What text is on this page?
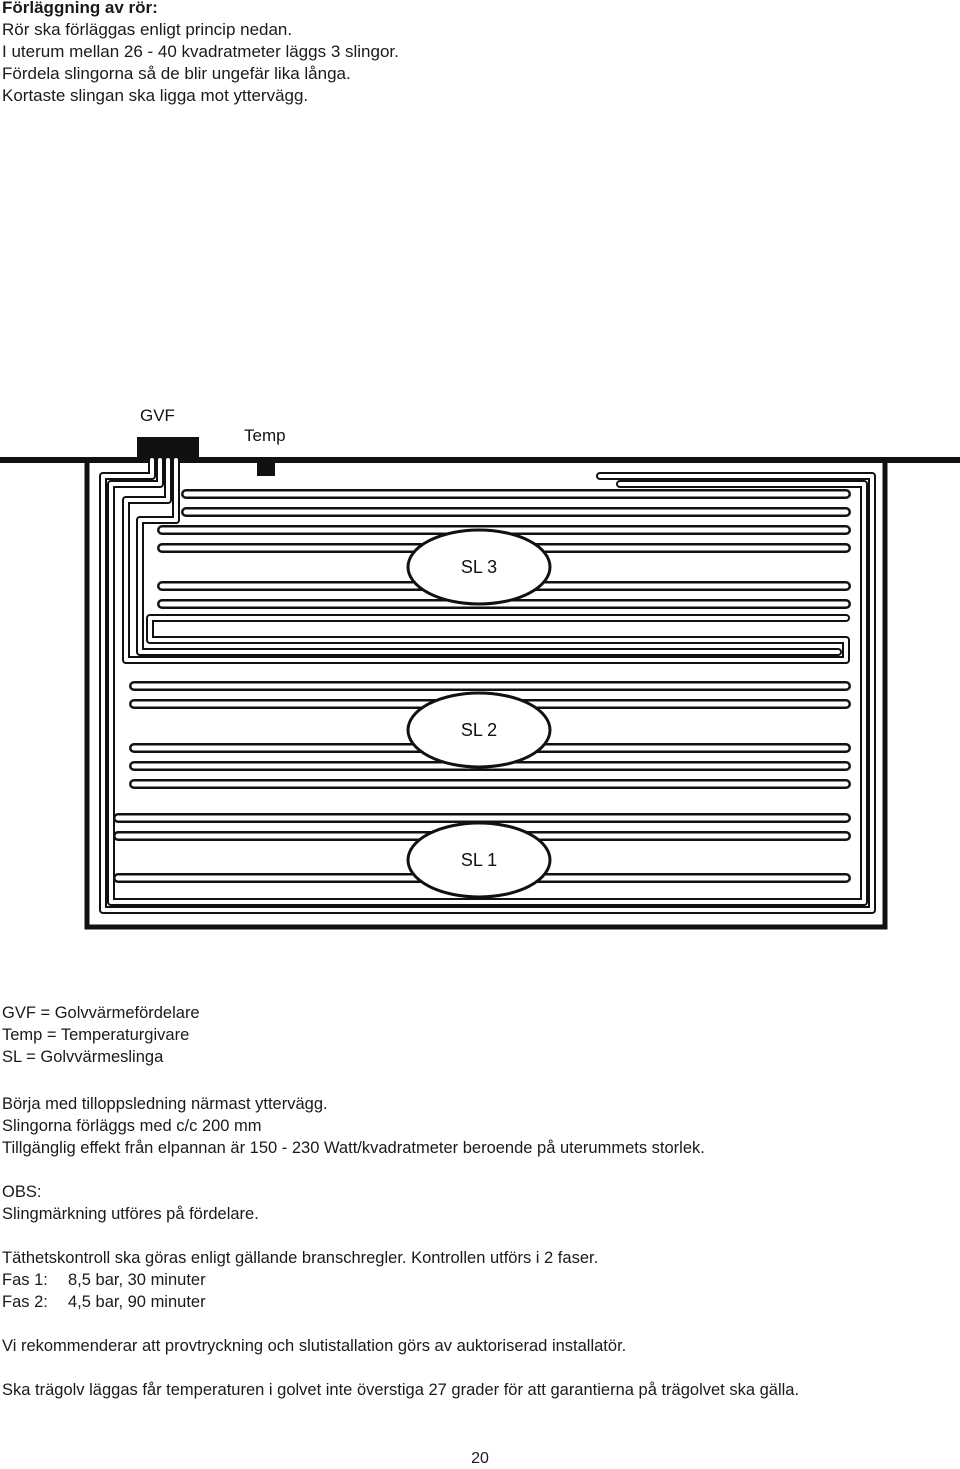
Förläggning av rör:
Rör ska förläggas enligt princip nedan.
I uterum mellan 26 - 40 kvadratmeter läggs 3 slingor.
Fördela slingorna så de blir ungefär lika långa.
Kortaste slingan ska ligga mot yttervägg.
GVF
Temp
SL 3
SL 2
SL 1
GVF = Golvvärmefördelare
Temp = Temperaturgivare
SL = Golvvärmeslinga
Börja med tilloppsledning närmast yttervägg.
Slingorna förläggs med c/c 200 mm
Tillgänglig effekt från elpannan är 150 - 230 Watt/kvadratmeter beroende på uterummets storlek.
OBS:
Slingmärkning utföres på fördelare.
Täthetskontroll ska göras enligt gällande branschregler. Kontrollen utförs i 2 faser.
Fas 1:	8,5 bar, 30 minuter
Fas 2:	4,5 bar, 90 minuter
Vi rekommenderar att provtryckning och slutistallation görs av auktoriserad installatör.
Ska trägolv läggas får temperaturen i golvet inte överstiga 27 grader för att garantierna på trägolvet ska gälla.
20
